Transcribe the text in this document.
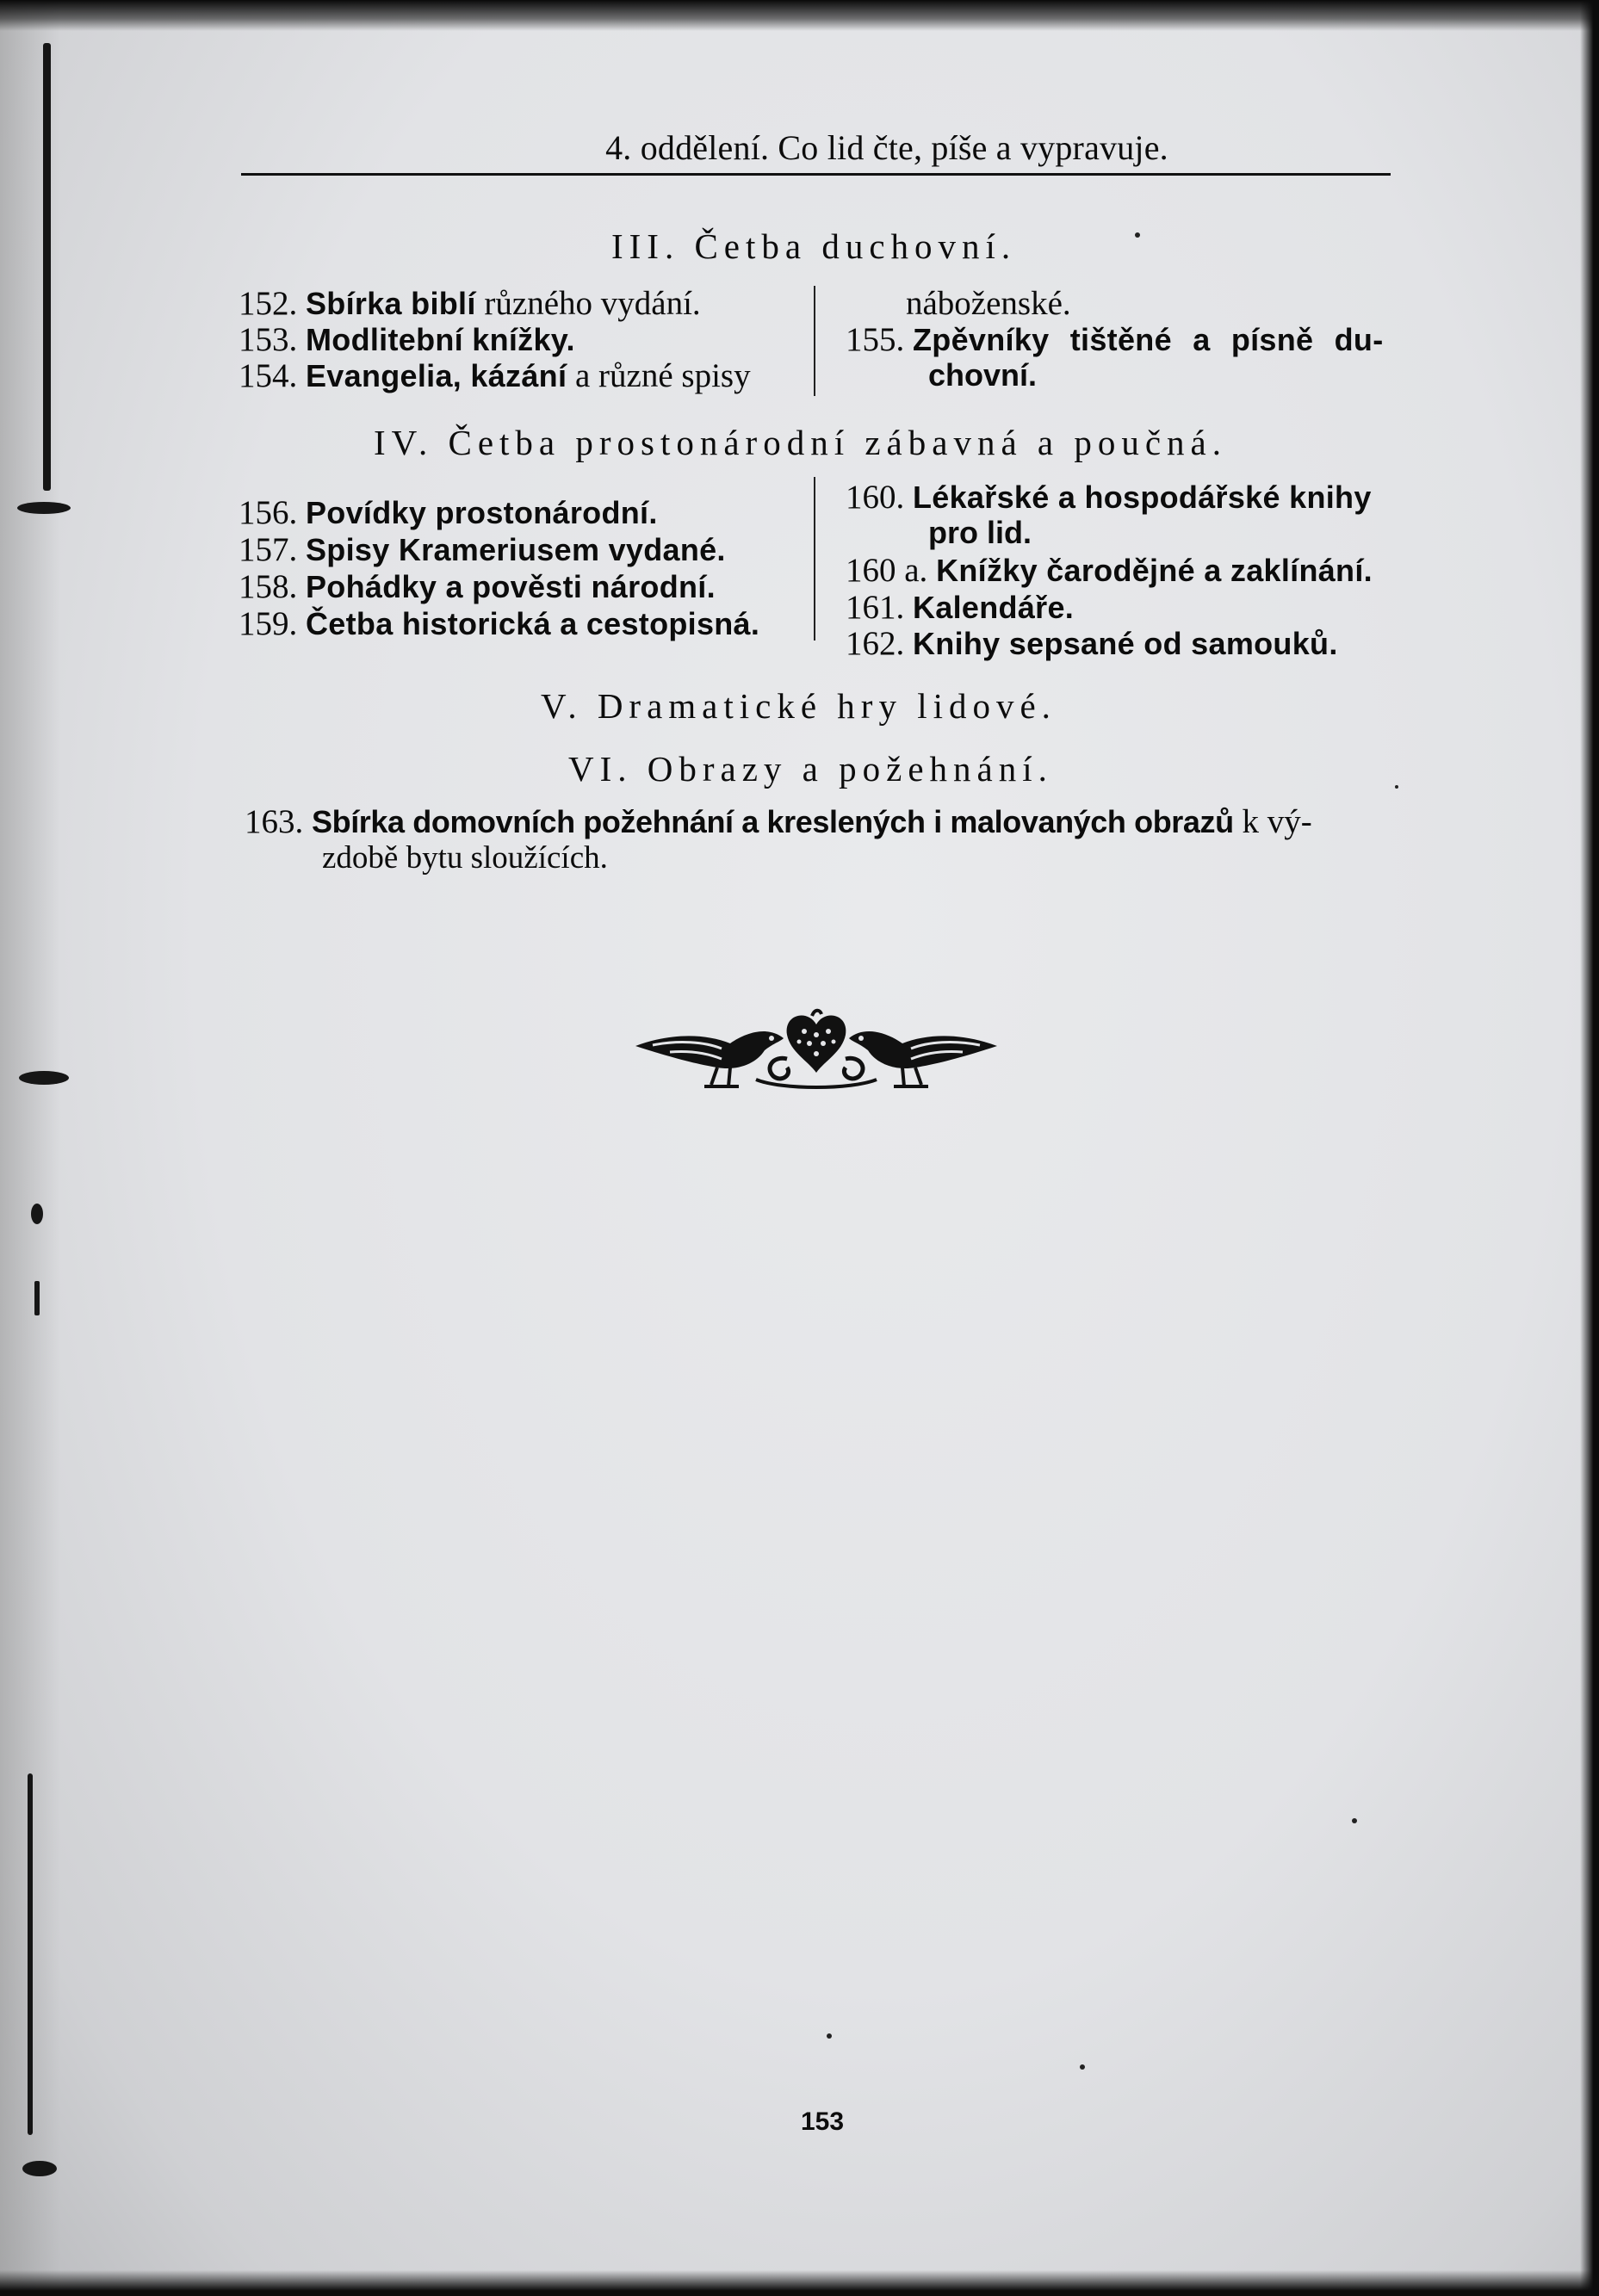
4. oddělení. Co lid čte, píše a vypravuje.
III. Četba duchovní.
152. Sbírka biblí různého vydání.
153. Modlitební knížky.
154. Evangelia, kázání a různé spisy
náboženské.
155. Zpěvníky tištěné a písně du-
chovní.
IV. Četba prostonárodní zábavná a poučná.
156. Povídky prostonárodní.
157. Spisy Krameriusem vydané.
158. Pohádky a pověsti národní.
159. Četba historická a cestopisná.
160. Lékařské a hospodářské knihy
pro lid.
160 a. Knížky čarodějné a zaklínání.
161. Kalendáře.
162. Knihy sepsané od samouků.
V. Dramatické hry lidové.
VI. Obrazy a požehnání.
163. Sbírka domovních požehnání a kreslených i malovaných obrazů k vý-
zdobě bytu sloužících.
153
